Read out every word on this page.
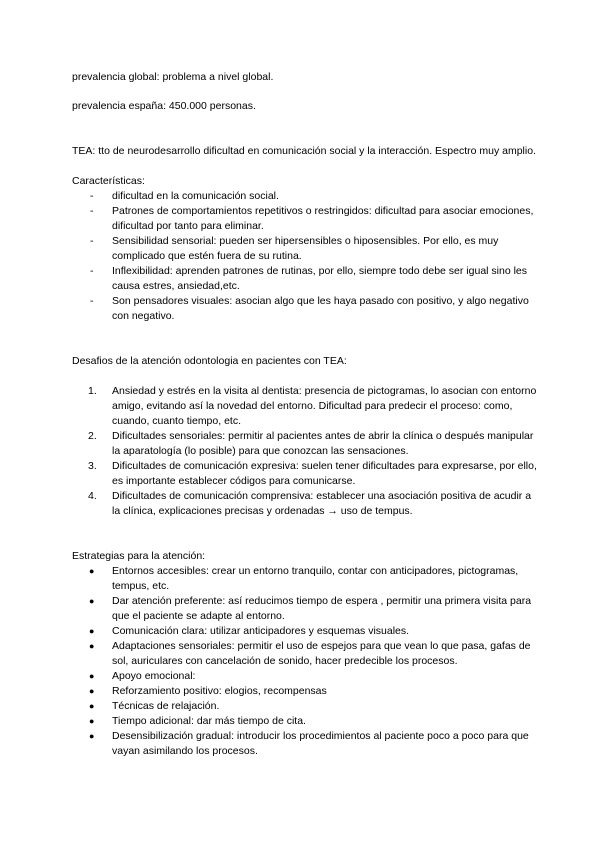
prevalencia global: problema a nivel global.

prevalencia españa: 450.000 personas.

TEA: tto de neurodesarrollo dificultad en comunicación social y la interacción. Espectro muy amplio.

Características:

- dificultad en la comunicación social.
- Patrones de comportamientos repetitivos o restringidos: dificultad para asociar emociones, dificultad por tanto para eliminar.
- Sensibilidad sensorial: pueden ser hipersensibles o hiposensibles. Por ello, es muy complicado que estén fuera de su rutina.
- Inflexibilidad: aprenden patrones de rutinas, por ello, siempre todo debe ser igual sino les causa estres, ansiedad,etc.
- Son pensadores visuales: asocian algo que les haya pasado con positivo, y algo negativo con negativo.

Desafios de la atención odontologia en pacientes con TEA:

1. Ansiedad y estrés en la visita al dentista: presencia de pictogramas, lo asocian con entorno amigo, evitando así la novedad del entorno. Dificultad para predecir el proceso: como, cuando, cuanto tiempo, etc.
2. Dificultades sensoriales: permitir al pacientes antes de abrir la clínica o después manipular la aparatología (lo posible) para que conozcan las sensaciones.
3. Dificultades de comunicación expresiva: suelen tener dificultades para expresarse, por ello, es importante establecer códigos para comunicarse.
4. Dificultades de comunicación comprensiva: establecer una asociación positiva de acudir a la clínica, explicaciones precisas y ordenadas → uso de tempus.

Estrategias para la atención:

● Entornos accesibles: crear un entorno tranquilo, contar con anticipadores, pictogramas, tempus, etc.
● Dar atención preferente: así reducimos tiempo de espera , permitir una primera visita para que el paciente se adapte al entorno.
● Comunicación clara: utilizar anticipadores y esquemas visuales.
● Adaptaciones sensoriales: permitir el uso de espejos para que vean lo que pasa, gafas de sol, auriculares con cancelación de sonido, hacer predecible los procesos.
● Apoyo emocional:
● Reforzamiento positivo: elogios, recompensas
● Técnicas de relajación.
● Tiempo adicional: dar más tiempo de cita.
● Desensibilización gradual: introducir los procedimientos al paciente poco a poco para que vayan asimilando los procesos.
